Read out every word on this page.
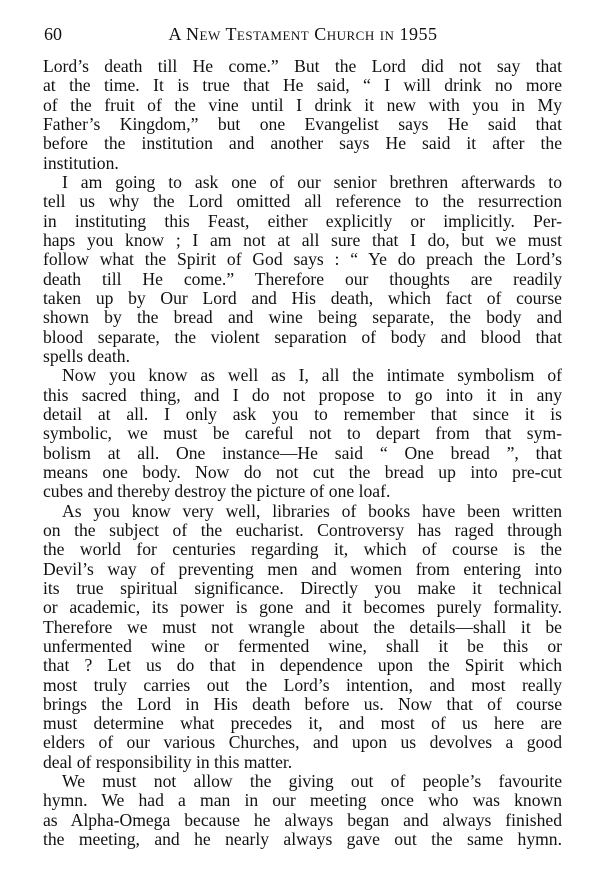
60	A New Testament Church in 1955
Lord’s death till He come.” But the Lord did not say that
at the time. It is true that He said, “ I will drink no more
of the fruit of the vine until I drink it new with you in My
Father’s Kingdom,” but one Evangelist says He said that
before the institution and another says He said it after the
institution.
I am going to ask one of our senior brethren afterwards to
tell us why the Lord omitted all reference to the resurrection
in instituting this Feast, either explicitly or implicitly. Per-
haps you know ; I am not at all sure that I do, but we must
follow what the Spirit of God says : “ Ye do preach the Lord’s
death till He come.” Therefore our thoughts are readily
taken up by Our Lord and His death, which fact of course
shown by the bread and wine being separate, the body and
blood separate, the violent separation of body and blood that
spells death.
Now you know as well as I, all the intimate symbolism of
this sacred thing, and I do not propose to go into it in any
detail at all. I only ask you to remember that since it is
symbolic, we must be careful not to depart from that sym-
bolism at all. One instance—He said “ One bread ”, that
means one body. Now do not cut the bread up into pre-cut
cubes and thereby destroy the picture of one loaf.
As you know very well, libraries of books have been written
on the subject of the eucharist. Controversy has raged through
the world for centuries regarding it, which of course is the
Devil’s way of preventing men and women from entering into
its true spiritual significance. Directly you make it technical
or academic, its power is gone and it becomes purely formality.
Therefore we must not wrangle about the details—shall it be
unfermented wine or fermented wine, shall it be this or
that ? Let us do that in dependence upon the Spirit which
most truly carries out the Lord’s intention, and most really
brings the Lord in His death before us. Now that of course
must determine what precedes it, and most of us here are
elders of our various Churches, and upon us devolves a good
deal of responsibility in this matter.
We must not allow the giving out of people’s favourite
hymn. We had a man in our meeting once who was known
as Alpha-Omega because he always began and always finished
the meeting, and he nearly always gave out the same hymn.
